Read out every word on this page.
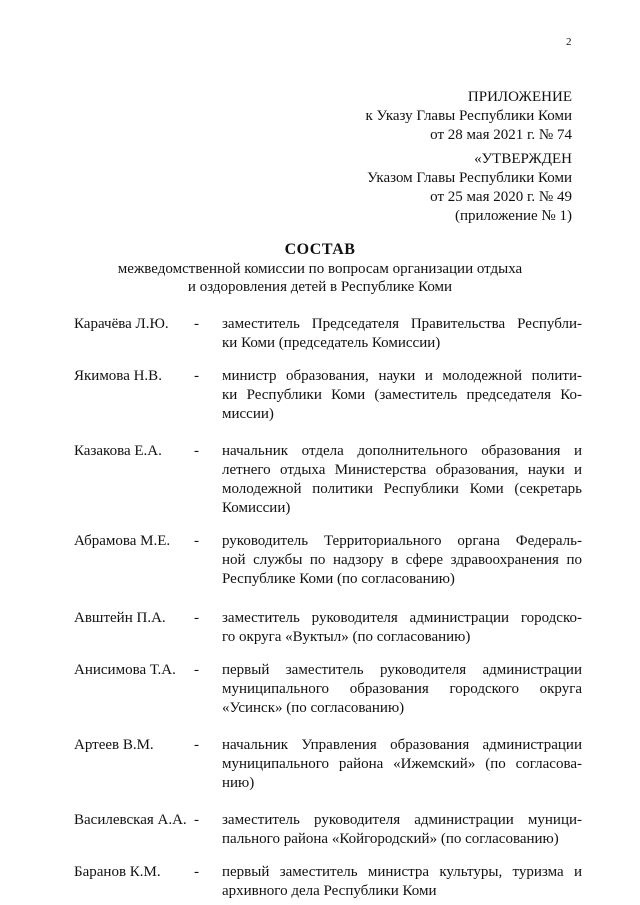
2
ПРИЛОЖЕНИЕ
к Указу Главы Республики Коми
от 28 мая 2021 г. № 74
«УТВЕРЖДЕН
Указом Главы Республики Коми
от 25 мая 2020 г. № 49
(приложение № 1)
СОСТАВ
межведомственной комиссии по вопросам организации отдыха
и оздоровления детей в Республике Коми
Карачёва Л.Ю.	-	заместитель Председателя Правительства Республи-
ки Коми (председатель Комиссии)
Якимова Н.В.	-	министр образования, науки и молодежной полити-
ки Республики Коми (заместитель председателя Ко-
миссии)
Казакова Е.А.	-	начальник отдела дополнительного образования и
летнего отдыха Министерства образования, науки и
молодежной политики Республики Коми (секретарь
Комиссии)
Абрамова М.Е.	-	руководитель Территориального органа Федераль-
ной службы по надзору в сфере здравоохранения по
Республике Коми (по согласованию)
Авштейн П.А.	-	заместитель руководителя администрации городско-
го округа «Вуктыл» (по согласованию)
Анисимова Т.А.	-	первый заместитель руководителя администрации
муниципального образования городского округа
«Усинск» (по согласованию)
Артеев В.М.	-	начальник Управления образования администрации
муниципального района «Ижемский» (по согласова-
нию)
Василевская А.А. -	заместитель руководителя администрации муници-
пального района «Койгородский» (по согласованию)
Баранов К.М.	-	первый заместитель министра культуры, туризма и
архивного дела Республики Коми
